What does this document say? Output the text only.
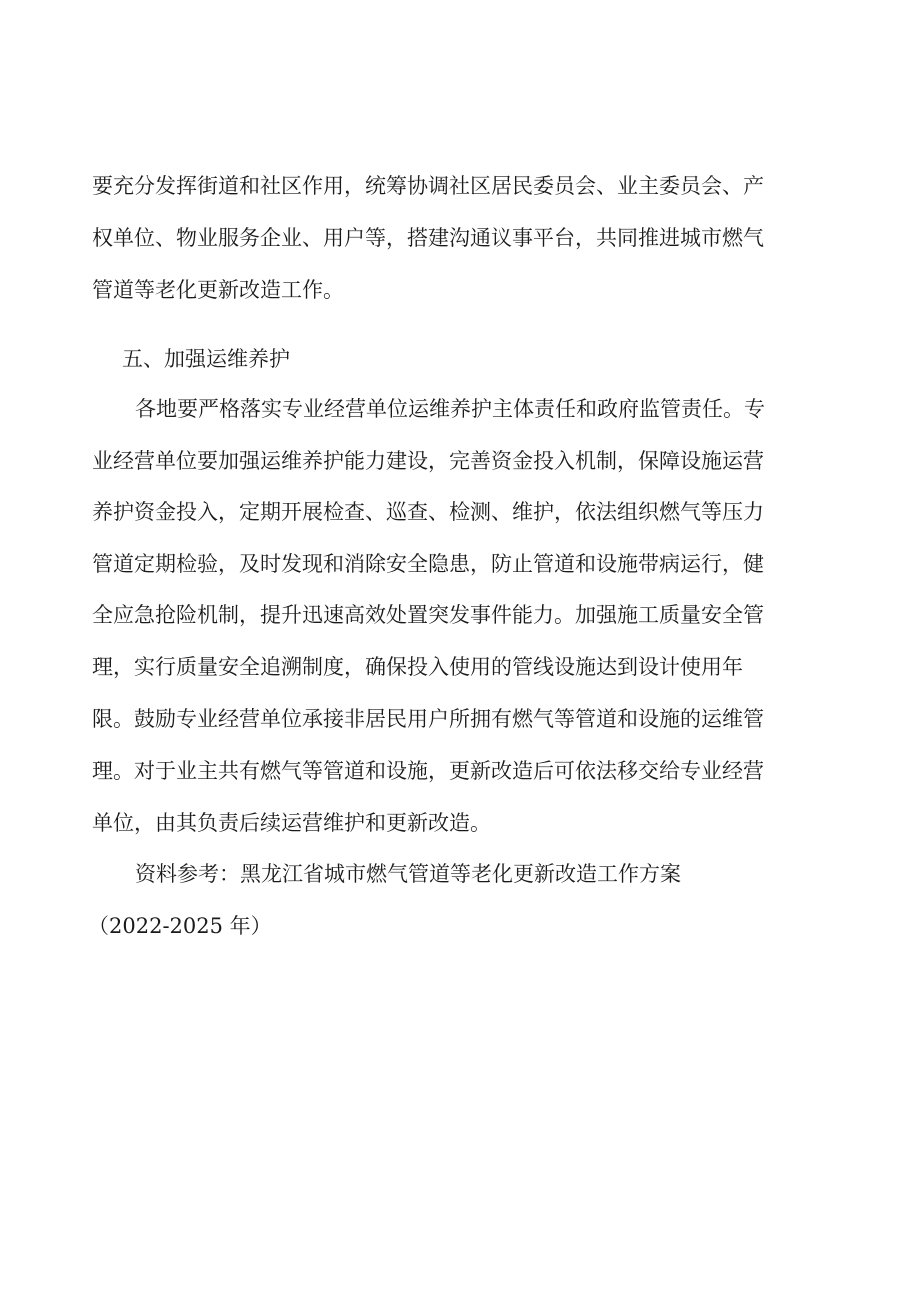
要充分发挥街道和社区作用，统筹协调社区居民委员会、业主委员会、产
权单位、物业服务企业、用户等，搭建沟通议事平台，共同推进城市燃气
管道等老化更新改造工作。
五、加强运维养护
各地要严格落实专业经营单位运维养护主体责任和政府监管责任。专
业经营单位要加强运维养护能力建设，完善资金投入机制，保障设施运营
养护资金投入，定期开展检查、巡查、检测、维护，依法组织燃气等压力
管道定期检验，及时发现和消除安全隐患，防止管道和设施带病运行，健
全应急抢险机制，提升迅速高效处置突发事件能力。加强施工质量安全管
理，实行质量安全追溯制度，确保投入使用的管线设施达到设计使用年
限。鼓励专业经营单位承接非居民用户所拥有燃气等管道和设施的运维管
理。对于业主共有燃气等管道和设施，更新改造后可依法移交给专业经营
单位，由其负责后续运营维护和更新改造。
资料参考：黑龙江省城市燃气管道等老化更新改造工作方案
（2022-2025 年）
